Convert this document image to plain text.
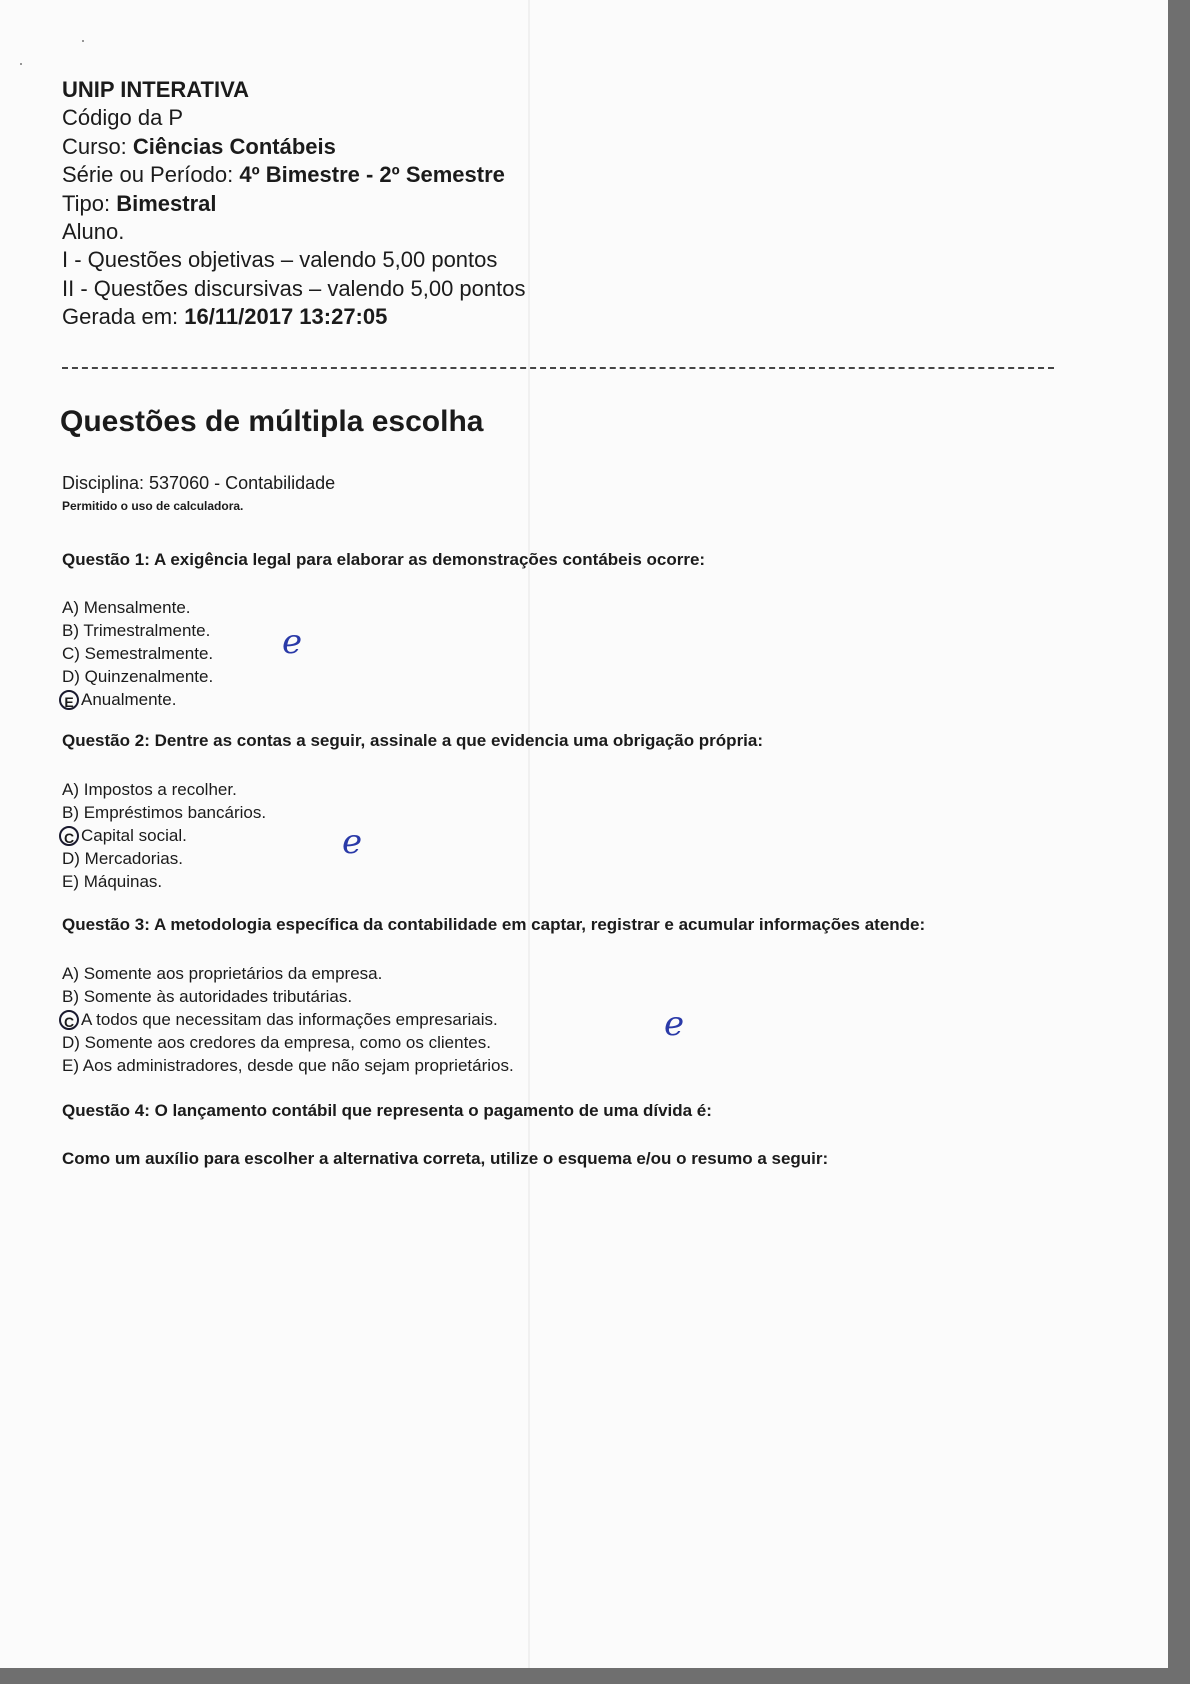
UNIP INTERATIVA
Código da P
Curso: Ciências Contábeis
Série ou Período: 4º Bimestre - 2º Semestre
Tipo: Bimestral
Aluno.
I - Questões objetivas – valendo 5,00 pontos
II - Questões discursivas – valendo 5,00 pontos
Gerada em: 16/11/2017 13:27:05
Questões de múltipla escolha
Disciplina: 537060 - Contabilidade
Permitido o uso de calculadora.
Questão 1: A exigência legal para elaborar as demonstrações contábeis ocorre:
A) Mensalmente.
B) Trimestralmente.
C) Semestralmente.
D) Quinzenalmente.
E Anualmente.
e
Questão 2: Dentre as contas a seguir, assinale a que evidencia uma obrigação própria:
A) Impostos a recolher.
B) Empréstimos bancários.
C Capital social.
D) Mercadorias.
E) Máquinas.
e
Questão 3: A metodologia específica da contabilidade em captar, registrar e acumular informações atende:
A) Somente aos proprietários da empresa.
B) Somente às autoridades tributárias.
C A todos que necessitam das informações empresariais.
D) Somente aos credores da empresa, como os clientes.
E) Aos administradores, desde que não sejam proprietários.
e
Questão 4: O lançamento contábil que representa o pagamento de uma dívida é:
Como um auxílio para escolher a alternativa correta, utilize o esquema e/ou o resumo a seguir:
